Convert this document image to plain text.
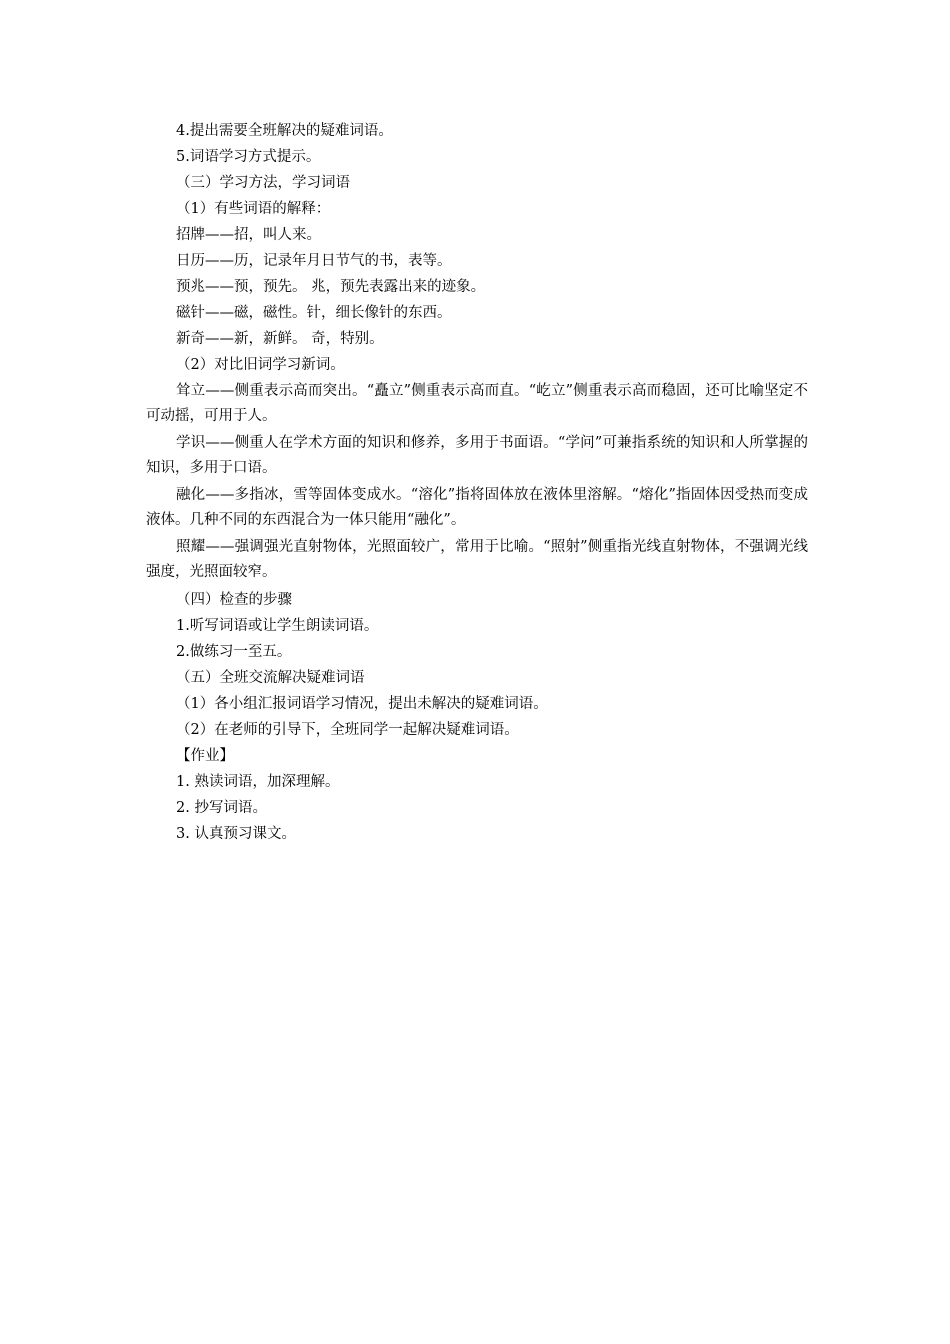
4.提出需要全班解决的疑难词语。

5.词语学习方式提示。

（三）学习方法，学习词语

（1）有些词语的解释：

招牌——招，叫人来。

日历——历，记录年月日节气的书，表等。

预兆——预，预先。 兆，预先表露出来的迹象。

磁针——磁，磁性。针，细长像针的东西。

新奇——新，新鲜。 奇，特别。

（2）对比旧词学习新词。

耸立——侧重表示高而突出。“矗立”侧重表示高而直。“屹立”侧重表示高而稳固，还可比喻坚定不可动摇，可用于人。

学识——侧重人在学术方面的知识和修养，多用于书面语。“学问”可兼指系统的知识和人所掌握的知识，多用于口语。

融化——多指冰，雪等固体变成水。“溶化”指将固体放在液体里溶解。“熔化”指固体因受热而变成液体。几种不同的东西混合为一体只能用“融化”。

照耀——强调强光直射物体，光照面较广，常用于比喻。“照射”侧重指光线直射物体，不强调光线强度，光照面较窄。

（四）检查的步骤

1.听写词语或让学生朗读词语。

2.做练习一至五。

（五）全班交流解决疑难词语

（1）各小组汇报词语学习情况，提出未解决的疑难词语。

（2）在老师的引导下，全班同学一起解决疑难词语。

【作业】

1. 熟读词语，加深理解。

2. 抄写词语。

3. 认真预习课文。
